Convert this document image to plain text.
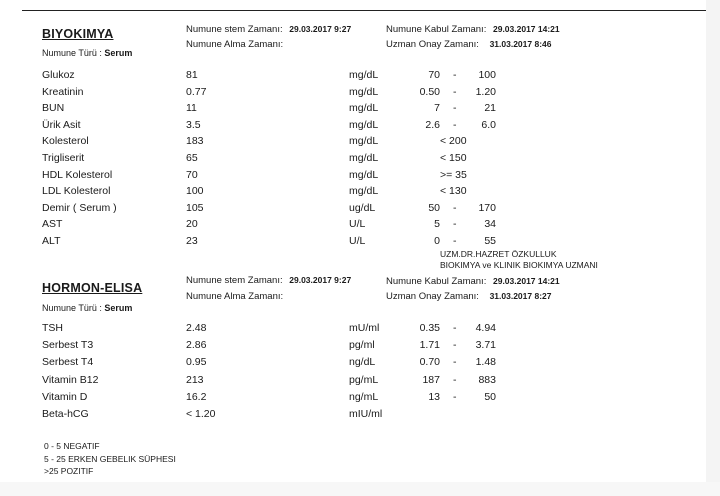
BIYOKIMYA
Numune Türü : Serum
Numune stem Zamanı: 29.03.2017 9:27
Numune Alma Zamanı:
Numune Kabul Zamanı: 29.03.2017 14:21
Uzman Onay Zamanı: 31.03.2017 8:46
Glukoz	81	mg/dL	70 -	100
Kreatinin	0.77	mg/dL	0.50 -	1.20
BUN	11	mg/dL	7 -	21
Ürik Asit	3.5	mg/dL	2.6 -	6.0
Kolesterol	183	mg/dL	< 200
Trigliserit	65	mg/dL	< 150
HDL Kolesterol	70	mg/dL	>= 35
LDL Kolesterol	100	mg/dL	< 130
Demir ( Serum )	105	ug/dL	50 -	170
AST	20	U/L	5 -	34
ALT	23	U/L	0 -	55
UZM.DR.HAZRET ÖZKULLUK
BIOKIMYA ve KLINIK BIOKIMYA UZMANI
HORMON-ELISA
Numune Türü : Serum
Numune stem Zamanı: 29.03.2017 9:27
Numune Alma Zamanı:
Numune Kabul Zamanı: 29.03.2017 14:21
Uzman Onay Zamanı: 31.03.2017 8:27
TSH	2.48	mU/ml	0.35 -	4.94
Serbest T3	2.86	pg/ml	1.71 -	3.71
Serbest T4	0.95	ng/dL	0.70 -	1.48
Vitamin B12	213	pg/mL	187 -	883
Vitamin D	16.2	ng/mL	13 -	50
Beta-hCG	< 1.20	mIU/ml
0 - 5 NEGATIF
5 - 25 ERKEN GEBELIK SÜPHESI
>25 POZITIF
